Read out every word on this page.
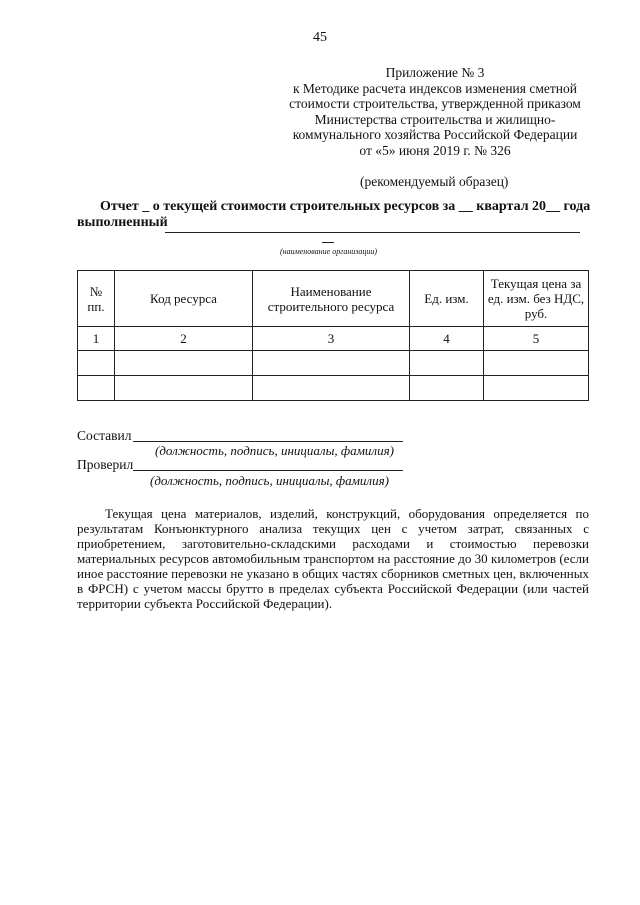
45
Приложение № 3
к Методике расчета индексов изменения сметной
стоимости строительства, утвержденной приказом
Министерства строительства и жилищно-
коммунального хозяйства Российской Федерации
от «5» июня 2019 г. № 326
(рекомендуемый образец)
Отчет _ о текущей стоимости строительных ресурсов за __ квартал 20__ года
выполненный
(наименование организации)
№ пп.	Код ресурса	Наименование строительного ресурса	Ед. изм.	Текущая цена за ед. изм. без НДС, руб.
1	2	3	4	5

Составил
(должность, подпись, инициалы, фамилия)
Проверил
(должность, подпись, инициалы, фамилия)
Текущая цена материалов, изделий, конструкций, оборудования определяется по
результатам Конъюнктурного анализа текущих цен с учетом затрат, связанных с
приобретением, заготовительно-складскими расходами и стоимостью перевозки
материальных ресурсов автомобильным транспортом на расстояние до 30 километров (если
иное расстояние перевозки не указано в общих частях сборников сметных цен, включенных
в ФРСН) с учетом массы брутто в пределах субъекта Российской Федерации (или частей
территории субъекта Российской Федерации).
